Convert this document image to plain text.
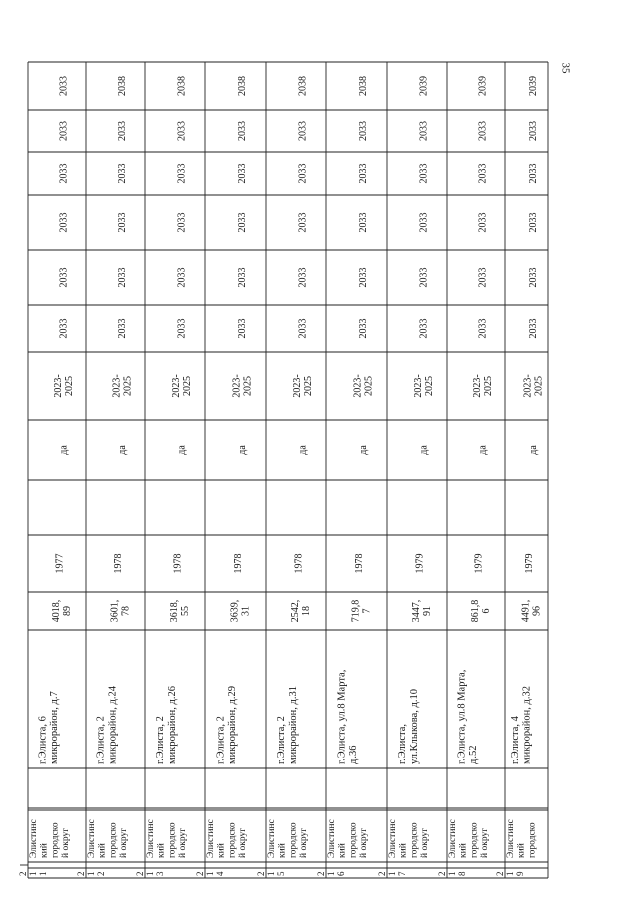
2033
2033
2033
2033
2033
2033
2023-2025
да
1977
4018,89
г.Элиста, 6микрорайон, д.7
Элистинскийгородской округ
211
2038
2033
2033
2033
2033
2033
2023-2025
да
1978
3601,78
г.Элиста, 2микрорайон, д.24
Элистинскийгородской округ
212
2038
2033
2033
2033
2033
2033
2023-2025
да
1978
3618,55
г.Элиста, 2микрорайон, д.26
Элистинскийгородской округ
213
2038
2033
2033
2033
2033
2033
2023-2025
да
1978
3639,31
г.Элиста, 2микрорайон, д.29
Элистинскийгородской округ
214
2038
2033
2033
2033
2033
2033
2023-2025
да
1978
2542,18
г.Элиста, 2микрорайон, д.31
Элистинскийгородской округ
215
2038
2033
2033
2033
2033
2033
2023-2025
да
1978
719,87
г.Элиста, ул.8 Марта,д.36
Элистинскийгородской округ
216
2039
2033
2033
2033
2033
2033
2023-2025
да
1979
3447,91
г.Элиста,ул.Клыкова, д.10
Элистинскийгородской округ
217
2039
2033
2033
2033
2033
2033
2023-2025
да
1979
861,86
г.Элиста, ул.8 Марта,д.52
Элистинскийгородской округ
218
2039
2033
2033
2033
2033
2033
2023-2025
да
1979
4491,96
г.Элиста, 4микрорайон, д.32
Элистинскийгородско
219
35
